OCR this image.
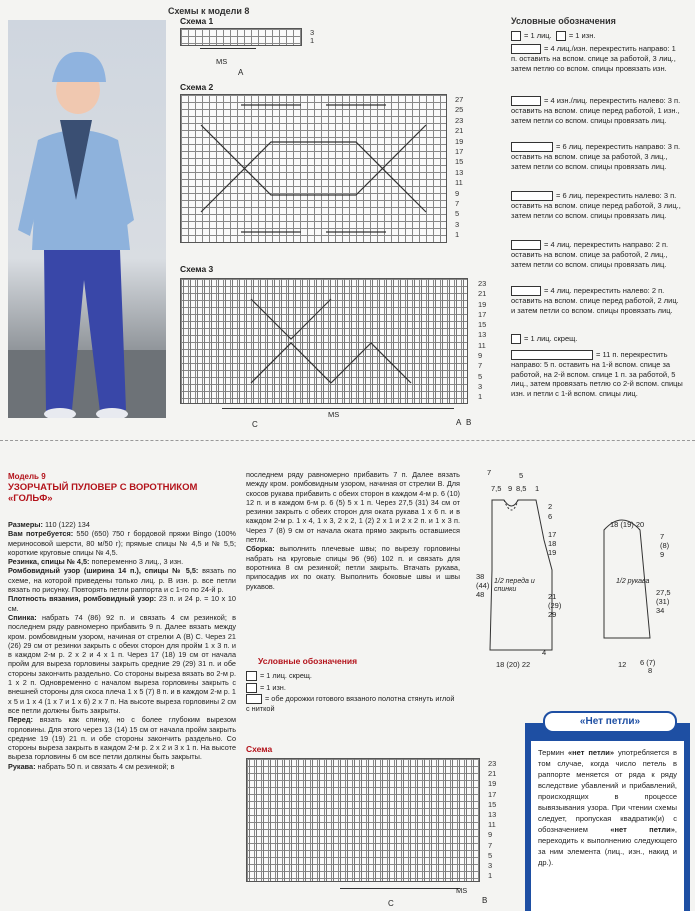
Схемы к модели 8
Схема 1
3
1
MS
A
Схема 2
27
25
23
21
19
17
15
13
11
9
7
5
3
1
Схема 3
23
21
19
17
15
13
11
9
7
5
3
1
MS
C	A B
Условные обозначения
= 1 лиц. = 1 изн.
= 4 лиц./изн. перекрестить направо: 1 п. оставить на вспом. спице за работой, 3 лиц., затем петлю со вспом. спицы провязать изн.
= 4 изн./лиц. перекрестить налево: 3 п. оставить на вспом. спице перед работой, 1 изн., затем петли со вспом. спицы провязать лиц.
= 6 лиц. перекрестить направо: 3 п. оставить на вспом. спице за работой, 3 лиц., затем петли со вспом. спицы провязать лиц.
= 6 лиц. перекрестить налево: 3 п. оставить на вспом. спице перед работой, 3 лиц., затем петли со вспом. спицы провязать лиц.
= 4 лиц. перекрестить направо: 2 п. оставить на вспом. спице за работой, 2 лиц., затем петли со вспом. спицы провязать лиц.
= 4 лиц. перекрестить налево: 2 п. оставить на вспом. спице перед работой, 2 лиц. и затем петли со вспом. спицы провязать лиц.
= 1 лиц. скрещ.
= 11 п. перекрестить направо: 5 п. оставить на 1-й вспом. спице за работой, на 2-й вспом. спице 1 п. за работой, 5 лиц., затем провязать петлю со 2-й вспом. спицы изн. и петли с 1-й вспом. спицы лиц.
Модель 9
УЗОРЧАТЫЙ ПУЛОВЕР С ВОРОТНИКОМ «ГОЛЬФ»
Размеры: 110 (122) 134
Вам потребуется: 550 (650) 750 г бордовой пряжи Bingo (100% мериносовой шерсти, 80 м/50 г); прямые спицы № 4,5 и № 5,5; короткие круговые спицы № 4,5.
Резинка, спицы № 4,5: попеременно 3 лиц., 3 изн.
Ромбовидный узор (ширина 14 п.), спицы № 5,5: вязать по схеме, на которой приведены только лиц. р. В изн. р. все петли вязать по рисунку. Повторять петли раппорта и с 1-го по 24-й р.
Плотность вязания, ромбовидный узор: 23 п. и 24 р. = 10 х 10 см.
Спинка: набрать 74 (86) 92 п. и связать 4 см резинкой; в последнем ряду равномерно прибавить 9 п. Далее вязать между кром. ромбовидным узором, начиная от стрелки А (В) С. Через 21 (26) 29 см от резинки закрыть с обеих сторон для пройм 1 х 3 п. и в каждом 2-м р. 2 х 2 и 4 х 1 п. Через 17 (18) 19 см от начала пройм для вырезa горловины закрыть средние 29 (29) 31 п. и обе стороны закончить раздельно. Со стороны выреза вязать во 2-м р. 1 х 2 п. Одновременно с началом выреза горловины закрыть с внешней стороны для скоса плеча 1 х 5 (7) 8 п. и в каждом 2-м р. 1 х 5 и 1 х 4 (1 х 7 и 1 х 6) 2 х 7 п. На высоте выреза горловины 2 см все петли должны быть закрыты.
Перед: вязать как спинку, но с более глубоким вырезом горловины. Для этого через 13 (14) 15 см от начала пройм закрыть средние 19 (19) 21 п. и обе стороны закончить раздельно. Со стороны выреза закрыть в каждом 2-м р. 2 х 2 и 3 х 1 п. На высоте выреза горловины 6 см все петли должны быть закрыты.
Рукава: набрать 50 п. и связать 4 см резинкой; в
последнем ряду равномерно прибавить 7 п. Далее вязать между кром. ромбовидным узором, начиная от стрелки В. Для скосов рукава прибавить с обеих сторон в каждом 4-м р. 6 (10) 12 п. и в каждом 6-м р. 6 (5) 5 х 1 п. Через 27,5 (31) 34 см от резинки закрыть с обеих сторон для оката рукава 1 х 6 п. и в каждом 2-м р. 1 х 4, 1 х 3, 2 х 2, 1 (2) 2 х 1 и 2 х 2 п. и 1 х 3 п. Через 7 (8) 9 см от начала оката прямо закрыть оставшиеся петли.
Сборка: выполнить плечевые швы; по вырезу горловины набрать на круговые спицы 96 (96) 102 п. и связать для воротника 8 см резинкой; петли закрыть. Втачать рукава, припосадив их по окату. Выполнить боковые швы и швы рукавов.
Условные обозначения
= 1 лиц. скрещ.
= 1 изн.
= обе дорожки готового вязаного полотна стянуть иглой с ниткой
Схема
23
21
19
17
15
13
11
9
7
5
3
1
MS
C	B
7
7,5 9 8,5 1
5
2
6
17
18
19
21
(29)
29
38
(44)
48
1/2 переда и спинки
4
18 (20) 22
18 (19) 20
7
(8)
9
27,5
(31)
34
1/2 рукава
12 6 (7)
8
«Нет петли»
Термин «нет петли» употребляется в том случае, когда число петель в раппорте меняется от ряда к ряду вследствие убавлений и прибавлений, происходящих в процессе вывязывания узора. При чтении схемы следует, пропуская квадратик(и) с обозначением «нет петли», переходить к выполнению следующего за ним элемента (лиц., изн., накид и др.).
